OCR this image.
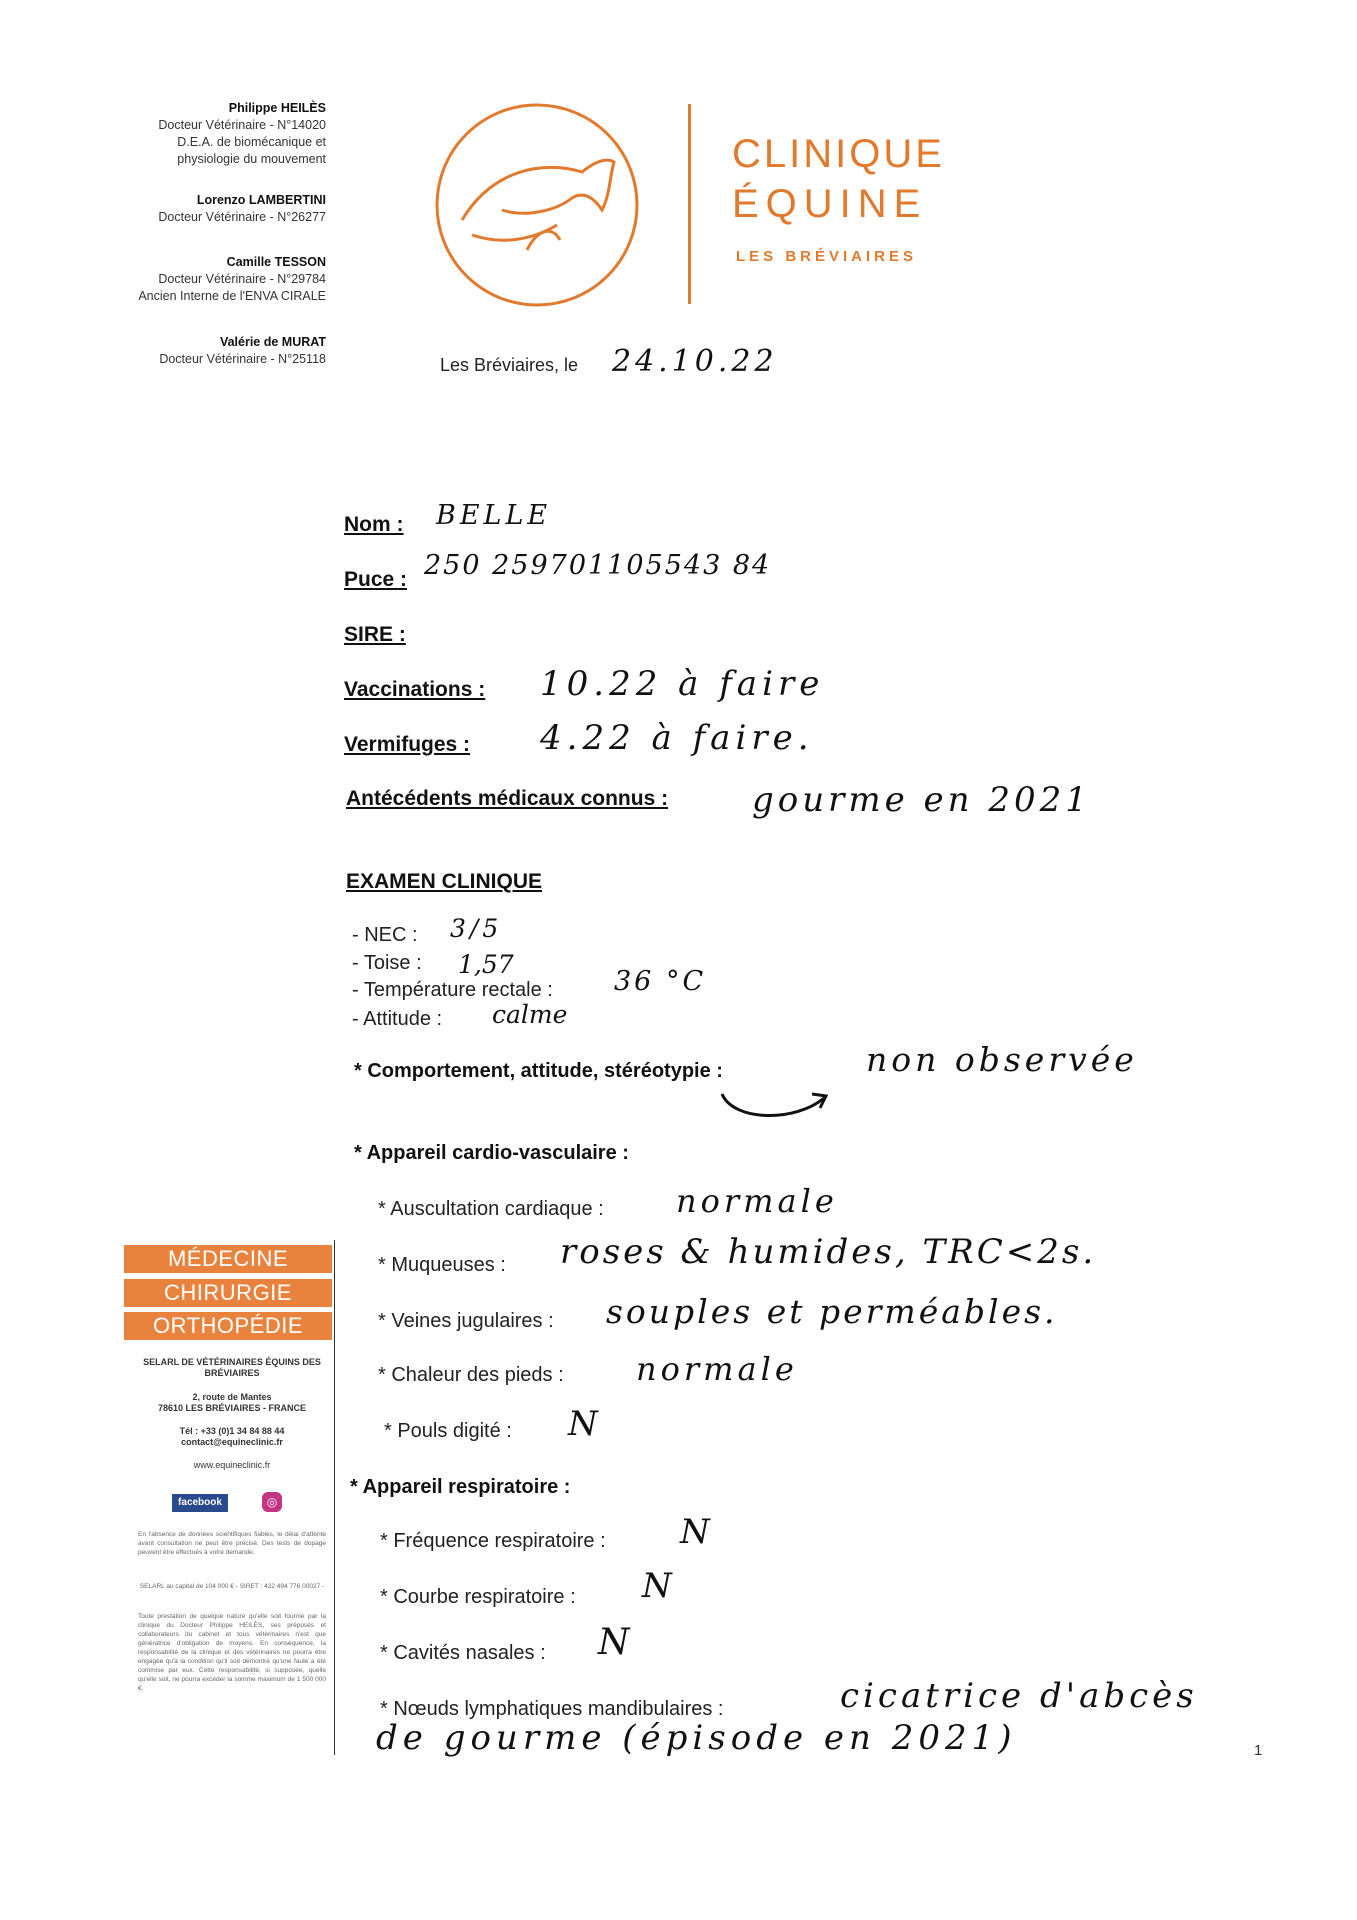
Philippe HEILÈS
Docteur Vétérinaire - N°14020
D.E.A. de biomécanique et
physiologie du mouvement
Lorenzo LAMBERTINI
Docteur Vétérinaire - N°26277
Camille TESSON
Docteur Vétérinaire - N°29784
Ancien Interne de l'ENVA CIRALE
Valérie de MURAT
Docteur Vétérinaire - N°25118
CLINIQUE
ÉQUINE
LES BRÉVIAIRES
Les Bréviaires, le 24.10.22
Nom : BELLE
Puce : 250 259701105543 84
SIRE :
Vaccinations : 10.22 à faire
Vermifuges : 4.22 à faire.
Antécédents médicaux connus : gourme en 2021
EXAMEN CLINIQUE
- NEC : 3/5
- Toise : 1,57
- Température rectale : 36 °C
- Attitude : calme
* Comportement, attitude, stéréotypie :	non observée
* Appareil cardio-vasculaire :
* Auscultation cardiaque : normale
* Muqueuses : roses & humides, TRC<2s.
* Veines jugulaires : souples et perméables.
* Chaleur des pieds : normale
* Pouls digité : N
* Appareil respiratoire :
* Fréquence respiratoire : N
* Courbe respiratoire : N
* Cavités nasales : N
* Nœuds lymphatiques mandibulaires :	cicatrice d'abcès
de gourme (épisode en 2021)	1
MÉDECINE
CHIRURGIE
ORTHOPÉDIE
SELARL DE VÉTÉRINAIRES ÉQUINS DES BRÉVIAIRES
2, route de Mantes
78610 LES BRÉVIAIRES - FRANCE
Tél : +33 (0)1 34 84 88 44
contact@equineclinic.fr
www.equineclinic.fr
facebook	◎
En l'absence de données scientifiques fiables, le délai d'attente avant consultation ne peut être précisé. Des tests de dopage peuvent être effectués à votre demande.
SELARL au capital de 104 000 € - SIRET : 422 494 776 00027 -
Toute prestation de quelque nature qu'elle soit fournie par la clinique du Docteur Philippe HEILÈS, ses préposés et collaborateurs du cabinet et tous vétérinaires n'est que génératrice d'obligation de moyens. En conséquence, la responsabilité de la clinique et des vétérinaires ne pourra être engagée qu'à la condition qu'il soit démontré qu'une faute a été commise par eux. Cette responsabilité, si supposée, quelle qu'elle soit, ne pourra excéder la somme maximum de 1 500 000 €.
